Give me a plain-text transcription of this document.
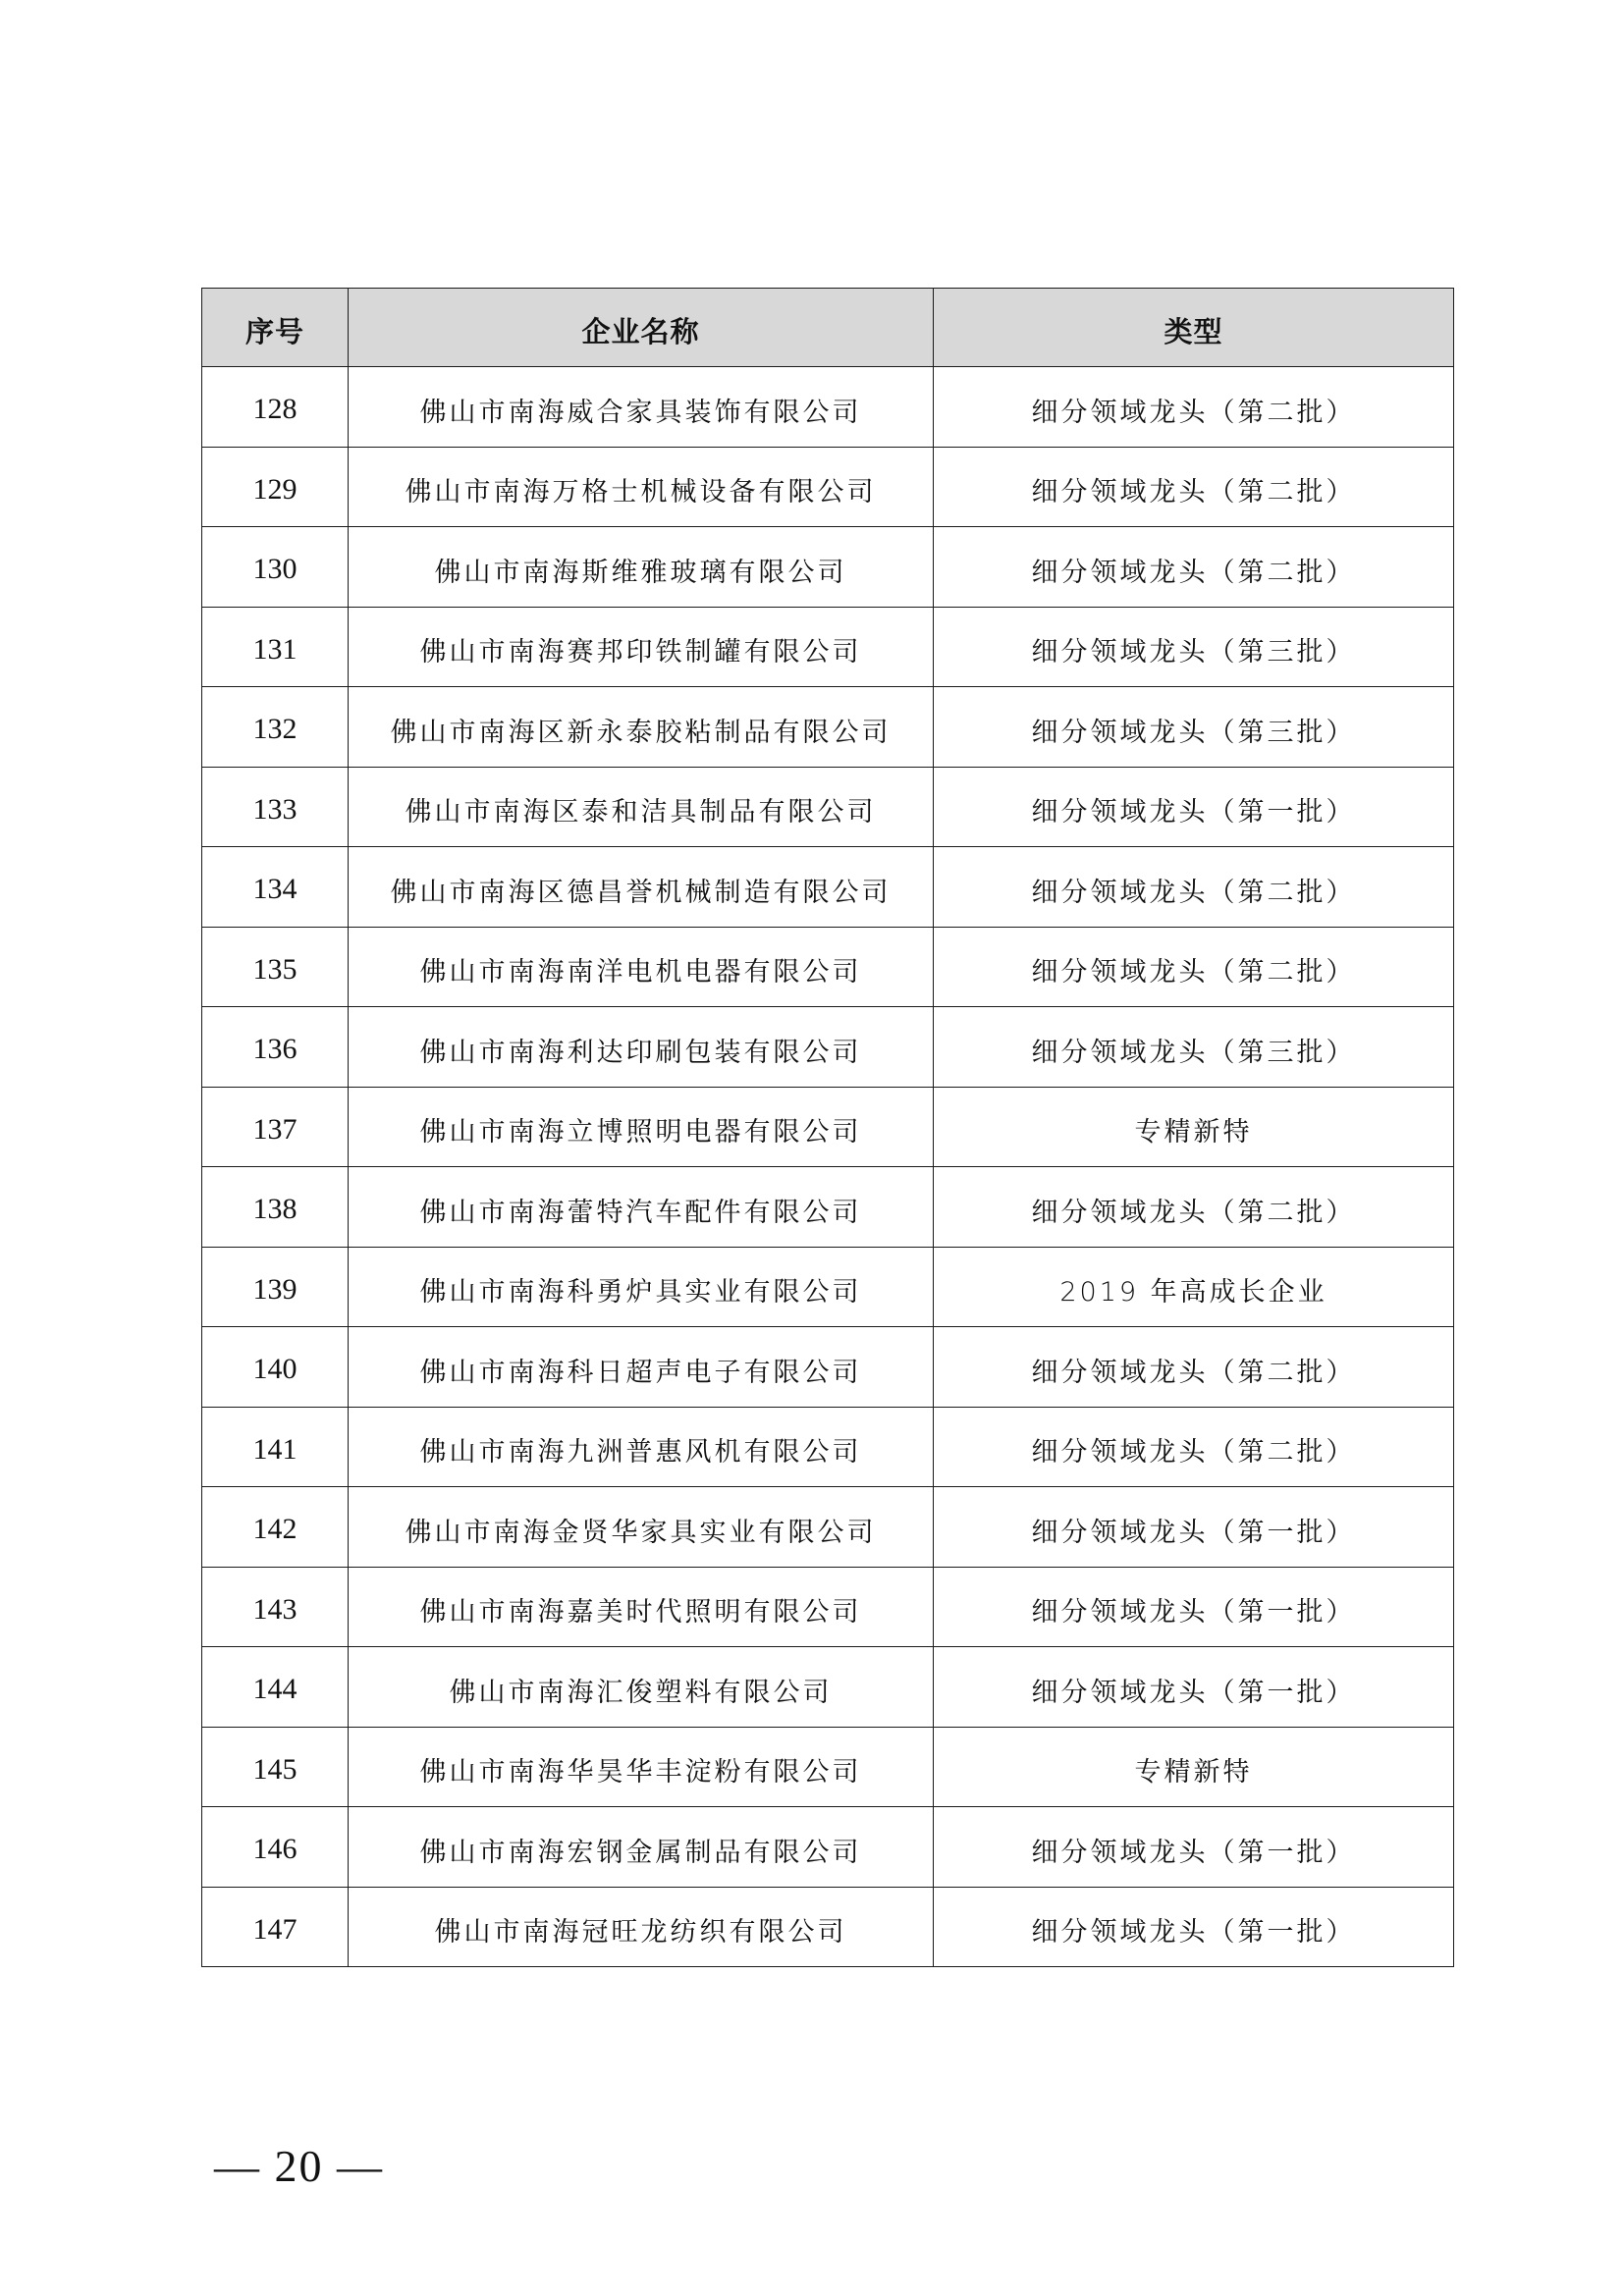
序号	企业名称	类型
128	佛山市南海威合家具装饰有限公司	细分领域龙头（第二批）
129	佛山市南海万格士机械设备有限公司	细分领域龙头（第二批）
130	佛山市南海斯维雅玻璃有限公司	细分领域龙头（第二批）
131	佛山市南海赛邦印铁制罐有限公司	细分领域龙头（第三批）
132	佛山市南海区新永泰胶粘制品有限公司	细分领域龙头（第三批）
133	佛山市南海区泰和洁具制品有限公司	细分领域龙头（第一批）
134	佛山市南海区德昌誉机械制造有限公司	细分领域龙头（第二批）
135	佛山市南海南洋电机电器有限公司	细分领域龙头（第二批）
136	佛山市南海利达印刷包装有限公司	细分领域龙头（第三批）
137	佛山市南海立博照明电器有限公司	专精新特
138	佛山市南海蕾特汽车配件有限公司	细分领域龙头（第二批）
139	佛山市南海科勇炉具实业有限公司	2019 年高成长企业
140	佛山市南海科日超声电子有限公司	细分领域龙头（第二批）
141	佛山市南海九洲普惠风机有限公司	细分领域龙头（第二批）
142	佛山市南海金贤华家具实业有限公司	细分领域龙头（第一批）
143	佛山市南海嘉美时代照明有限公司	细分领域龙头（第一批）
144	佛山市南海汇俊塑料有限公司	细分领域龙头（第一批）
145	佛山市南海华昊华丰淀粉有限公司	专精新特
146	佛山市南海宏钢金属制品有限公司	细分领域龙头（第一批）
147	佛山市南海冠旺龙纺织有限公司	细分领域龙头（第一批）
— 20 —
